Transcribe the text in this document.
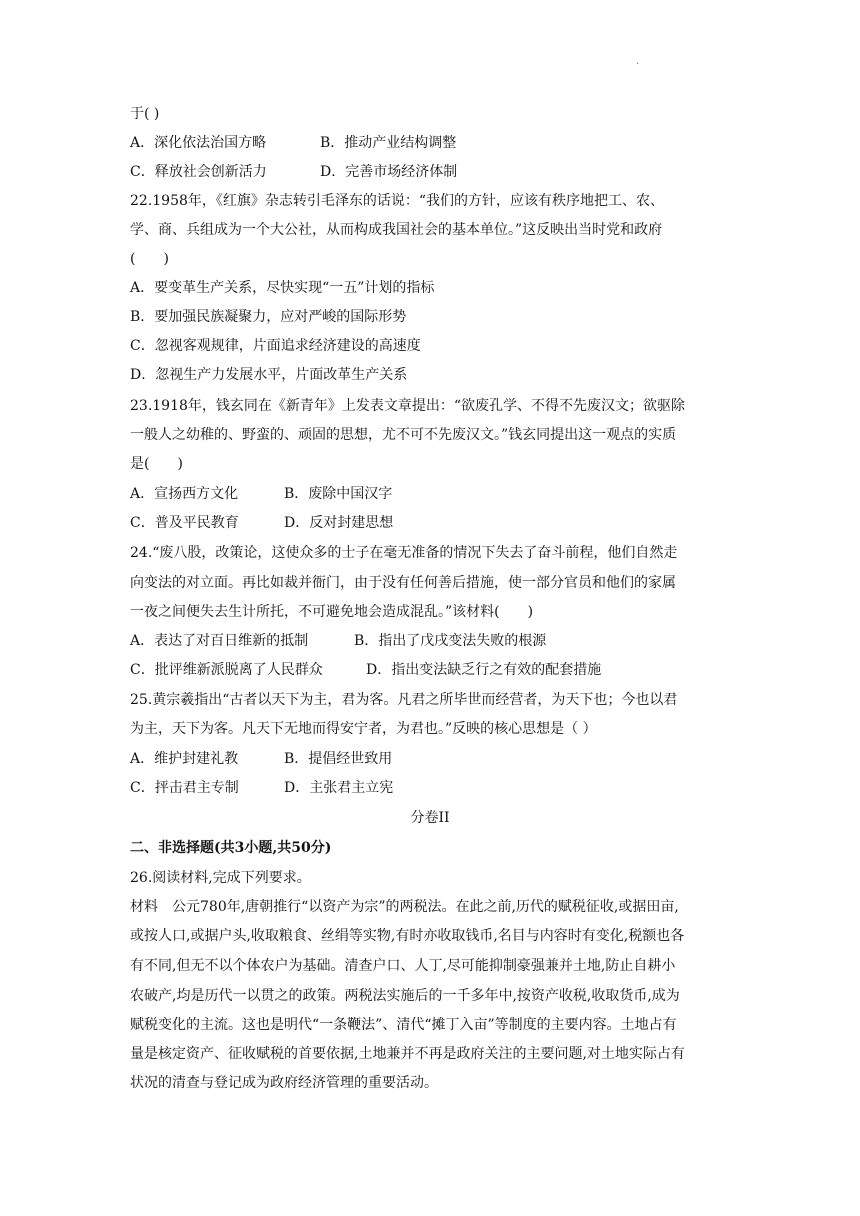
.
于( )
A．深化依法治国方略	B．推动产业结构调整
C．释放社会创新活力	D．完善市场经济体制
22.1958年，《红旗》杂志转引毛泽东的话说：“我们的方针，应该有秩序地把工、农、
学、商、兵组成为一个大公社，从而构成我国社会的基本单位。”这反映出当时党和政府
(　　)
A．要变革生产关系，尽快实现“一五”计划的指标
B．要加强民族凝聚力，应对严峻的国际形势
C．忽视客观规律，片面追求经济建设的高速度
D．忽视生产力发展水平，片面改革生产关系
23.1918年，钱玄同在《新青年》上发表文章提出：“欲废孔学、不得不先废汉文；欲驱除
一般人之幼稚的、野蛮的、顽固的思想，尤不可不先废汉文。”钱玄同提出这一观点的实质
是(　　)
A．宣扬西方文化	B．废除中国汉字
C．普及平民教育	D．反对封建思想
24.“废八股，改策论，这使众多的士子在毫无准备的情况下失去了奋斗前程，他们自然走
向变法的对立面。再比如裁并衙门，由于没有任何善后措施，使一部分官员和他们的家属
一夜之间便失去生计所托，不可避免地会造成混乱。”该材料(　　)
A．表达了对百日维新的抵制	B．指出了戊戌变法失败的根源
C．批评维新派脱离了人民群众	D．指出变法缺乏行之有效的配套措施
25.黄宗羲指出“古者以天下为主，君为客。凡君之所毕世而经营者，为天下也；今也以君
为主，天下为客。凡天下无地而得安宁者，为君也。”反映的核心思想是（ ）
A．维护封建礼教	B．提倡经世致用
C．抨击君主专制	D．主张君主立宪
分卷II
二、非选择题(共3小题,共50分)
26.阅读材料,完成下列要求。
材料　公元780年,唐朝推行“以资产为宗”的两税法。在此之前,历代的赋税征收,或据田亩,
或按人口,或据户头,收取粮食、丝绢等实物,有时亦收取钱币,名目与内容时有变化,税额也各
有不同,但无不以个体农户为基础。清查户口、人丁,尽可能抑制豪强兼并土地,防止自耕小
农破产,均是历代一以贯之的政策。两税法实施后的一千多年中,按资产收税,收取货币,成为
赋税变化的主流。这也是明代“一条鞭法”、清代“摊丁入亩”等制度的主要内容。土地占有
量是核定资产、征收赋税的首要依据,土地兼并不再是政府关注的主要问题,对土地实际占有
状况的清查与登记成为政府经济管理的重要活动。
